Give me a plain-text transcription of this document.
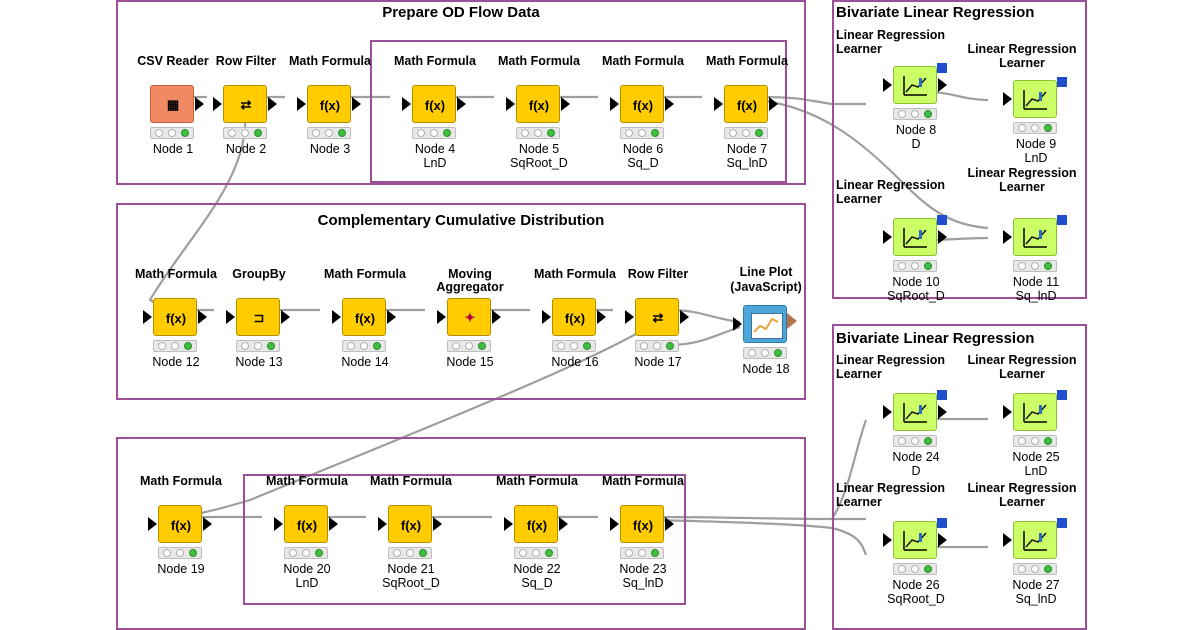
Prepare OD Flow Data
Complementary Cumulative Distribution
Bivariate Linear Regression
Bivariate Linear Regression
CSV Reader
▦
Node 1
Row Filter
⇄
Node 2
Math Formula
f(x)
Node 3
Math Formula
f(x)
Node 4
LnD
Math Formula
f(x)
Node 5
SqRoot_D
Math Formula
f(x)
Node 6
Sq_D
Math Formula
f(x)
Node 7
Sq_lnD
Math Formula
f(x)
Node 12
GroupBy
⊐
Node 13
Math Formula
f(x)
Node 14
Moving Aggregator
✦
Node 15
Math Formula
f(x)
Node 16
Row Filter
⇄
Node 17
Line Plot (JavaScript)
Node 18
Math Formula
f(x)
Node 19
Math Formula
f(x)
Node 20
LnD
Math Formula
f(x)
Node 21
SqRoot_D
Math Formula
f(x)
Node 22
Sq_D
Math Formula
f(x)
Node 23
Sq_lnD
Linear Regression Learner
Node 8
D
Linear Regression Learner
Node 9
LnD
Linear Regression Learner
Node 10
SqRoot_D
Linear Regression Learner
Node 11
Sq_lnD
Linear Regression Learner
Node 24
D
Linear Regression Learner
Node 25
LnD
Linear Regression Learner
Node 26
SqRoot_D
Linear Regression Learner
Node 27
Sq_lnD
